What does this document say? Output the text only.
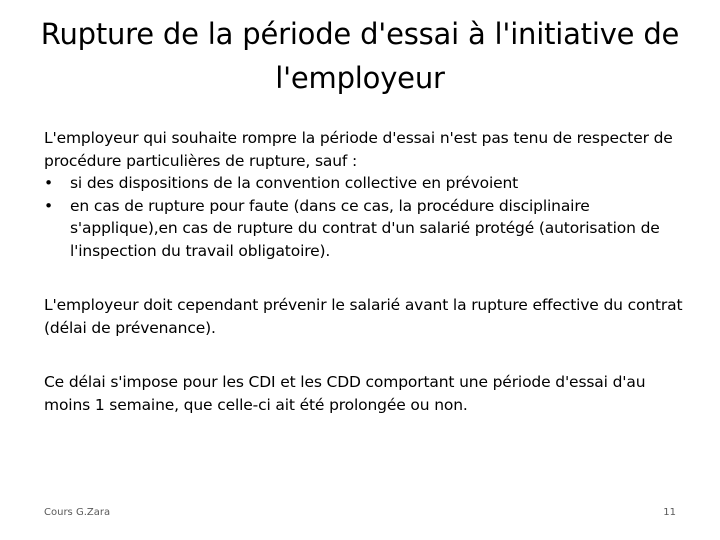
Rupture de la période d'essai à l'initiative de l'employeur

L'employeur qui souhaite rompre la période d'essai n'est pas tenu de respecter de procédure particulières de rupture, sauf :

• si des dispositions de la convention collective en prévoient
• en cas de rupture pour faute (dans ce cas, la procédure disciplinaire s'applique),en cas de rupture du contrat d'un salarié protégé (autorisation de l'inspection du travail obligatoire).

L'employeur doit cependant prévenir le salarié avant la rupture effective du contrat (délai de prévenance).

Ce délai s'impose pour les CDI et les CDD comportant une période d'essai d'au moins 1 semaine, que celle-ci ait été prolongée ou non.

Cours G.Zara	11
